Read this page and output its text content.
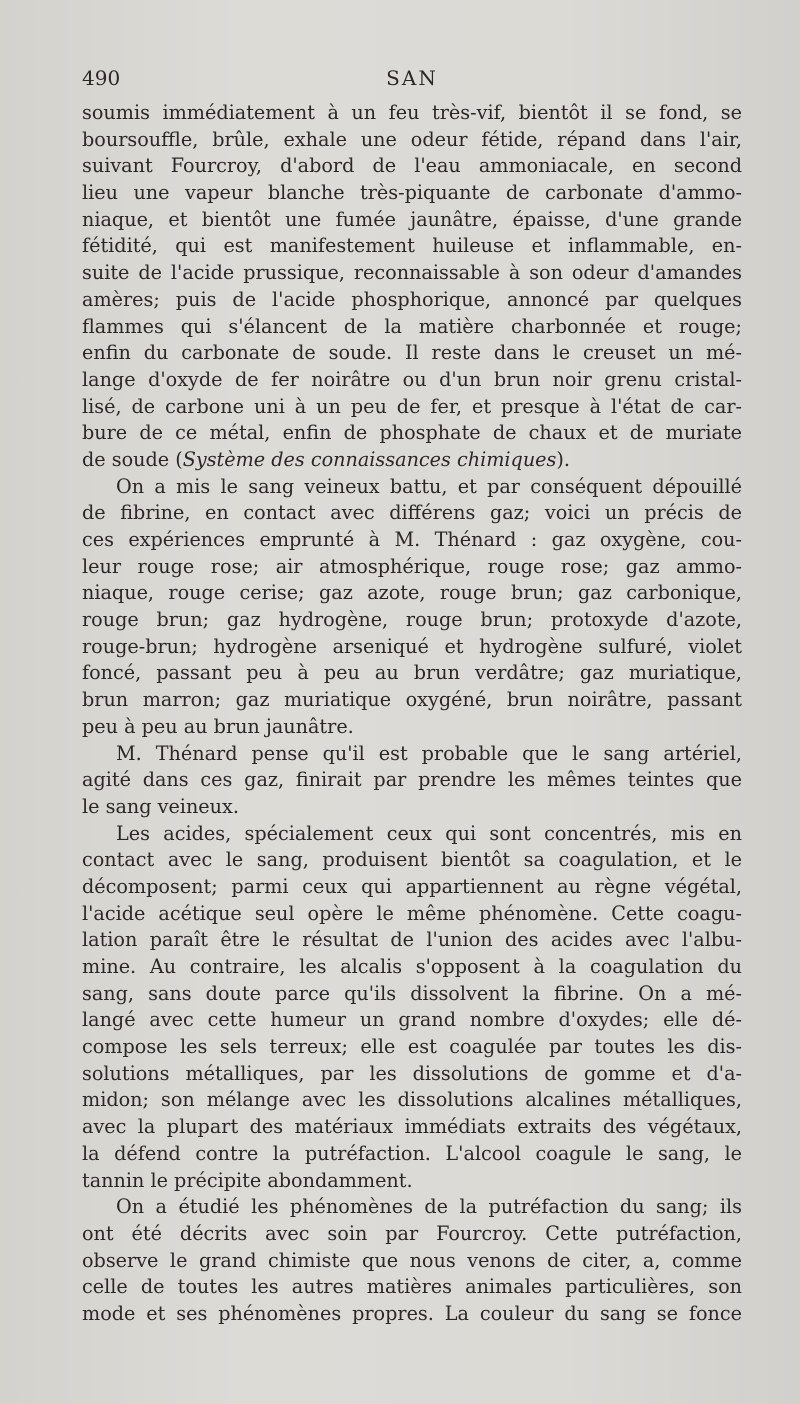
490	SAN
soumis immédiatement à un feu très-vif, bientôt il se fond, se
boursouffle, brûle, exhale une odeur fétide, répand dans l'air,
suivant Fourcroy, d'abord de l'eau ammoniacale, en second
lieu une vapeur blanche très-piquante de carbonate d'ammo-
niaque, et bientôt une fumée jaunâtre, épaisse, d'une grande
fétidité, qui est manifestement huileuse et inflammable, en-
suite de l'acide prussique, reconnaissable à son odeur d'amandes
amères; puis de l'acide phosphorique, annoncé par quelques
flammes qui s'élancent de la matière charbonnée et rouge;
enfin du carbonate de soude. Il reste dans le creuset un mé-
lange d'oxyde de fer noirâtre ou d'un brun noir grenu cristal-
lisé, de carbone uni à un peu de fer, et presque à l'état de car-
bure de ce métal, enfin de phosphate de chaux et de muriate
de soude (Système des connaissances chimiques).
On a mis le sang veineux battu, et par conséquent dépouillé
de fibrine, en contact avec différens gaz; voici un précis de
ces expériences emprunté à M. Thénard : gaz oxygène, cou-
leur rouge rose; air atmosphérique, rouge rose; gaz ammo-
niaque, rouge cerise; gaz azote, rouge brun; gaz carbonique,
rouge brun; gaz hydrogène, rouge brun; protoxyde d'azote,
rouge-brun; hydrogène arseniqué et hydrogène sulfuré, violet
foncé, passant peu à peu au brun verdâtre; gaz muriatique,
brun marron; gaz muriatique oxygéné, brun noirâtre, passant
peu à peu au brun jaunâtre.
M. Thénard pense qu'il est probable que le sang artériel,
agité dans ces gaz, finirait par prendre les mêmes teintes que
le sang veineux.
Les acides, spécialement ceux qui sont concentrés, mis en
contact avec le sang, produisent bientôt sa coagulation, et le
décomposent; parmi ceux qui appartiennent au règne végétal,
l'acide acétique seul opère le même phénomène. Cette coagu-
lation paraît être le résultat de l'union des acides avec l'albu-
mine. Au contraire, les alcalis s'opposent à la coagulation du
sang, sans doute parce qu'ils dissolvent la fibrine. On a mé-
langé avec cette humeur un grand nombre d'oxydes; elle dé-
compose les sels terreux; elle est coagulée par toutes les dis-
solutions métalliques, par les dissolutions de gomme et d'a-
midon; son mélange avec les dissolutions alcalines métalliques,
avec la plupart des matériaux immédiats extraits des végétaux,
la défend contre la putréfaction. L'alcool coagule le sang, le
tannin le précipite abondamment.
On a étudié les phénomènes de la putréfaction du sang; ils
ont été décrits avec soin par Fourcroy. Cette putréfaction,
observe le grand chimiste que nous venons de citer, a, comme
celle de toutes les autres matières animales particulières, son
mode et ses phénomènes propres. La couleur du sang se fonce
